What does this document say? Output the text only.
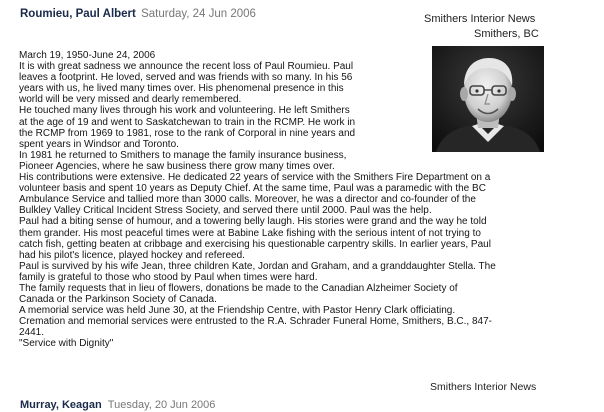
Roumieu, Paul Albert Saturday, 24 Jun 2006	Smithers Interior News
Smithers, BC
March 19, 1950-June 24, 2006
It is with great sadness we announce the recent loss of Paul Roumieu. Paul
leaves a footprint. He loved, served and was friends with so many. In his 56
years with us, he lived many times over. His phenomenal presence in this
world will be very missed and dearly remembered.
He touched many lives through his work and volunteering. He left Smithers
at the age of 19 and went to Saskatchewan to train in the RCMP. He work in
the RCMP from 1969 to 1981, rose to the rank of Corporal in nine years and
spent years in Windsor and Toronto.
In 1981 he returned to Smithers to manage the family insurance business,
Pioneer Agencies, where he saw business there grow many times over.
His contributions were extensive. He dedicated 22 years of service with the Smithers Fire Department on a
volunteer basis and spent 10 years as Deputy Chief. At the same time, Paul was a paramedic with the BC
Ambulance Service and tallied more than 3000 calls. Moreover, he was a director and co-founder of the
Bulkley Valley Critical Incident Stress Society, and served there until 2000. Paul was the help.
Paul had a biting sense of humour, and a towering belly laugh. His stories were grand and the way he told
them grander. His most peaceful times were at Babine Lake fishing with the serious intent of not trying to
catch fish, getting beaten at cribbage and exercising his questionable carpentry skills. In earlier years, Paul
had his pilot's licence, played hockey and refereed.
Paul is survived by his wife Jean, three children Kate, Jordan and Graham, and a granddaughter Stella. The
family is grateful to those who stood by Paul when times were hard.
The family requests that in lieu of flowers, donations be made to the Canadian Alzheimer Society of
Canada or the Parkinson Society of Canada.
A memorial service was held June 30, at the Friendship Centre, with Pastor Henry Clark officiating.
Cremation and memorial services were entrusted to the R.A. Schrader Funeral Home, Smithers, B.C., 847-
2441.
"Service with Dignity"
Smithers Interior News
Murray, Keagan Tuesday, 20 Jun 2006
